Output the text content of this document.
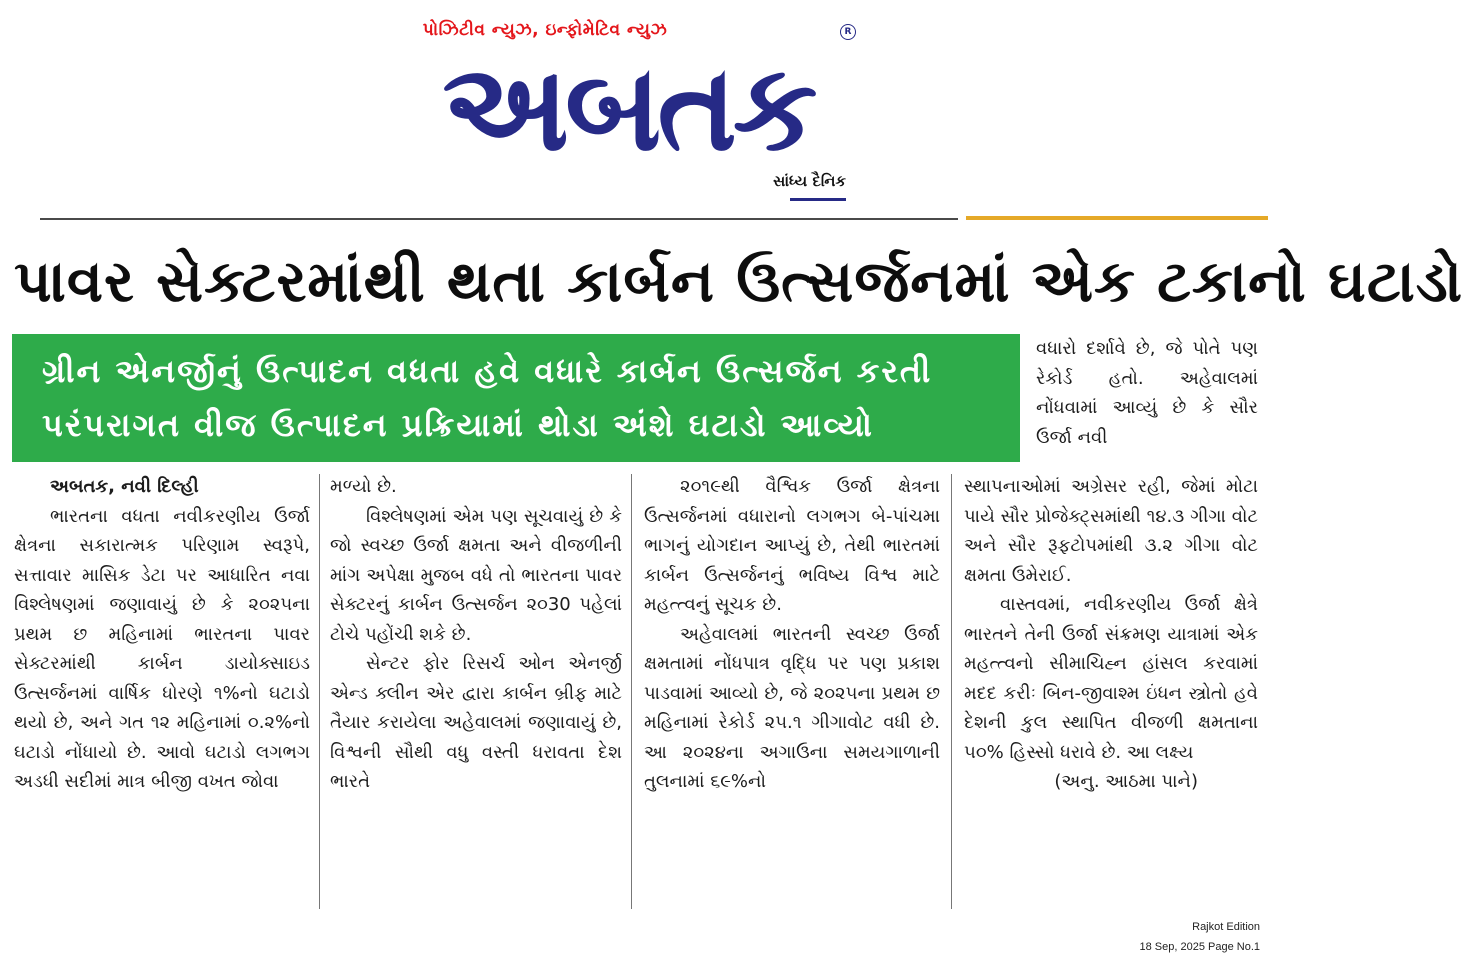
પોઝિટીવ ન્યુઝ, ઇન્ફોમેટિવ ન્યુઝ
અબતક
R
સાંધ્ય દૈનિક
પાવર સેક્ટરમાંથી થતા કાર્બન ઉત્સર્જનમાં એક ટકાનો ઘટાડો
ગ્રીન એનર્જીનું ઉત્પાદન વધતા હવે વધારે કાર્બન ઉત્સર્જન કરતી
પરંપરાગત વીજ ઉત્પાદન પ્રક્રિયામાં થોડા અંશે ઘટાડો આવ્યો

અબતક, નવી દિલ્હી

ભારતના વધતા નવીકરણીય ઉર્જા ક્ષેત્રના સકારાત્મક પરિણામ સ્વરૂપે, સત્તાવાર માસિક ડેટા પર આધારિત નવા વિશ્લેષણમાં જણાવાયું છે કે ૨૦૨૫ના પ્રથમ છ મહિનામાં ભારતના પાવર સેક્ટરમાંથી કાર્બન ડાયોક્સાઇડ ઉત્સર્જનમાં વાર્ષિક ધોરણે ૧%નો ઘટાડો થયો છે, અને ગત ૧૨ મહિનામાં ૦.૨%નો ઘટાડો નોંધાયો છે. આવો ઘટાડો લગભગ અડધી સદીમાં માત્ર બીજી વખત જોવા

મળ્યો છે.

વિશ્લેષણમાં એમ પણ સૂચવાયું છે કે જો સ્વચ્છ ઉર્જા ક્ષમતા અને વીજળીની માંગ અપેક્ષા મુજબ વધે તો ભારતના પાવર સેક્ટરનું કાર્બન ઉત્સર્જન ૨૦30 પહેલાં ટોચે પહોંચી શકે છે.

સેન્ટર ફોર રિસર્ચ ઓન એનર્જી એન્ડ ક્લીન એર દ્વારા કાર્બન બ્રીફ માટે તૈયાર કરાયેલા અહેવાલમાં જણાવાયું છે, વિશ્વની સૌથી વધુ વસ્તી ધરાવતા દેશ ભારતે

૨૦૧૯થી વૈશ્વિક ઉર્જા ક્ષેત્રના ઉત્સર્જનમાં વધારાનો લગભગ બે-પાંચમા ભાગનું યોગદાન આપ્યું છે, તેથી ભારતમાં કાર્બન ઉત્સર્જનનું ભવિષ્ય વિશ્વ માટે મહત્ત્વનું સૂચક છે.

અહેવાલમાં ભારતની સ્વચ્છ ઉર્જા ક્ષમતામાં નોંધપાત્ર વૃદ્ધિ પર પણ પ્રકાશ પાડવામાં આવ્યો છે, જે ૨૦૨૫ના પ્રથમ છ મહિનામાં રેકોર્ડ ૨૫.૧ ગીગાવોટ વધી છે. આ ૨૦૨૪ના અગાઉના સમયગાળાની તુલનામાં ૬૯%નો

વધારો દર્શાવે છે, જે પોતે પણ રેકોર્ડ હતો. અહેવાલમાં નોંધવામાં આવ્યું છે કે સૌર ઉર્જા નવી

સ્થાપનાઓમાં અગ્રેસર રહી, જેમાં મોટા પાયે સૌર પ્રોજેક્ટ્સમાંથી ૧૪.૩ ગીગા વોટ અને સૌર રૂફટોપમાંથી ૩.૨ ગીગા વોટ ક્ષમતા ઉમેરાઈ.

વાસ્તવમાં, નવીકરણીય ઉર્જા ક્ષેત્રે ભારતને તેની ઉર્જા સંક્રમણ યાત્રામાં એક મહત્ત્વનો સીમાચિહ્ન હાંસલ કરવામાં મદદ કરીઃ બિન-જીવાશ્મ ઇંધન સ્ત્રોતો હવે દેશની કુલ સ્થાપિત વીજળી ક્ષમતાના ૫૦% હિસ્સો ધરાવે છે. આ લક્ષ્ય

(અનુ. આઠમા પાને)

Rajkot Edition
18 Sep, 2025 Page No.1
